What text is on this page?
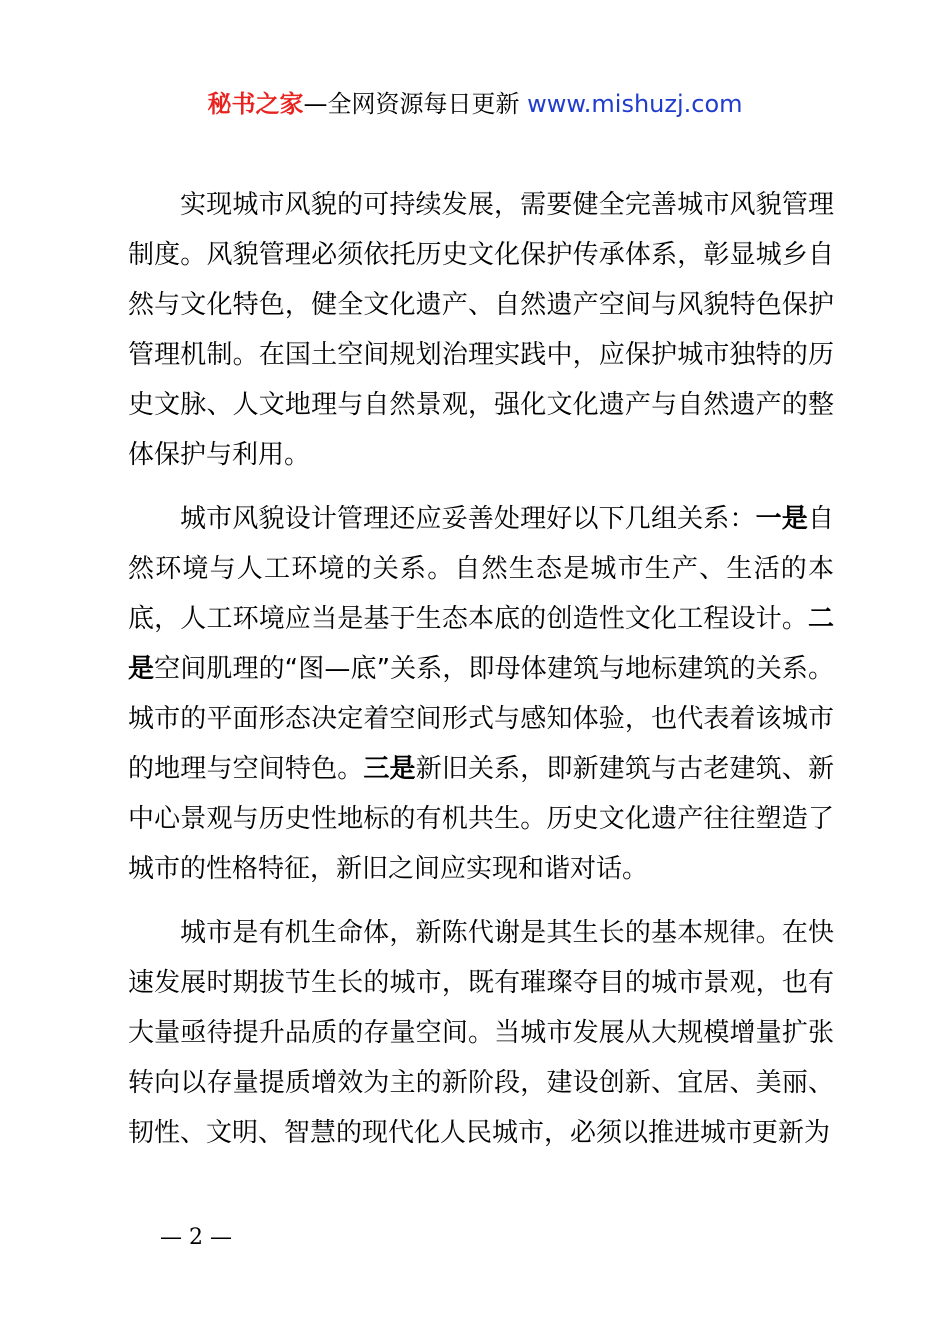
秘书之家—全网资源每日更新 www.mishuzj.com

实现城市风貌的可持续发展，需要健全完善城市风貌管理制度。风貌管理必须依托历史文化保护传承体系，彰显城乡自然与文化特色，健全文化遗产、自然遗产空间与风貌特色保护管理机制。在国土空间规划治理实践中，应保护城市独特的历史文脉、人文地理与自然景观，强化文化遗产与自然遗产的整体保护与利用。

城市风貌设计管理还应妥善处理好以下几组关系：一是自然环境与人工环境的关系。自然生态是城市生产、生活的本底，人工环境应当是基于生态本底的创造性文化工程设计。二是空间肌理的“图—底”关系，即母体建筑与地标建筑的关系。城市的平面形态决定着空间形式与感知体验，也代表着该城市的地理与空间特色。三是新旧关系，即新建筑与古老建筑、新中心景观与历史性地标的有机共生。历史文化遗产往往塑造了城市的性格特征，新旧之间应实现和谐对话。

城市是有机生命体，新陈代谢是其生长的基本规律。在快速发展时期拔节生长的城市，既有璀璨夺目的城市景观，也有大量亟待提升品质的存量空间。当城市发展从大规模增量扩张转向以存量提质增效为主的新阶段，建设创新、宜居、美丽、韧性、文明、智慧的现代化人民城市，必须以推进城市更新为

— 2 —
